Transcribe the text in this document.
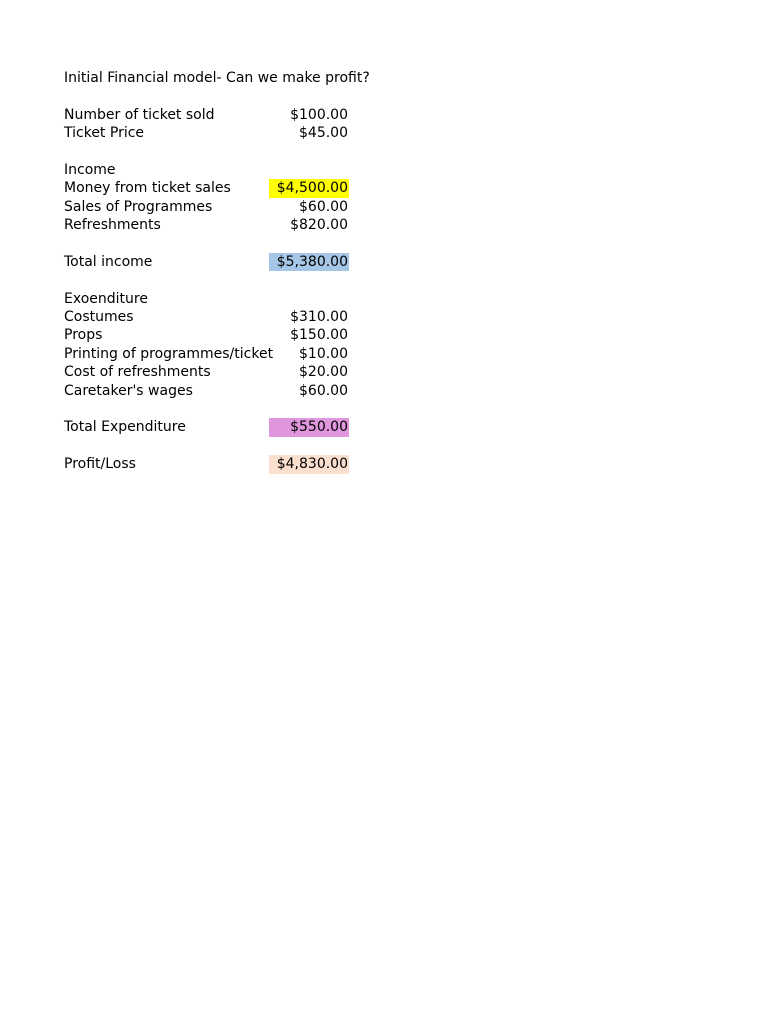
Initial Financial model- Can we make profit?
Number of ticket sold	$100.00
Ticket Price	$45.00
Income
Money from ticket sales	$4,500.00
Sales of Programmes	$60.00
Refreshments	$820.00
Total income	$5,380.00
Exoenditure
Costumes	$310.00
Props	$150.00
Printing of programmes/ticket	$10.00
Cost of refreshments	$20.00
Caretaker's wages	$60.00
Total Expenditure	$550.00
Profit/Loss	$4,830.00
